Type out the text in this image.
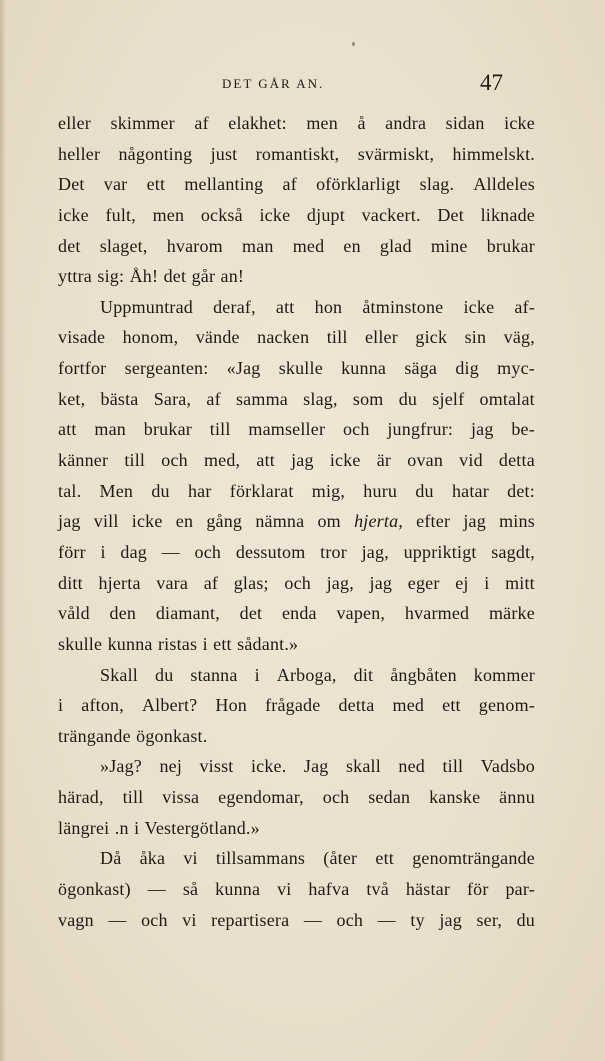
DET GÅR AN.	47
eller skimmer af elakhet: men å andra sidan icke
heller någonting just romantiskt, svärmiskt, himmelskt.
Det var ett mellanting af oförklarligt slag. Alldeles
icke fult, men också icke djupt vackert. Det liknade
det slaget, hvarom man med en glad mine brukar
yttra sig: Åh! det går an!
Uppmuntrad deraf, att hon åtminstone icke af-
visade honom, vände nacken till eller gick sin väg,
fortfor sergeanten: «Jag skulle kunna säga dig myc-
ket, bästa Sara, af samma slag, som du sjelf omtalat
att man brukar till mamseller och jungfrur: jag be-
känner till och med, att jag icke är ovan vid detta
tal. Men du har förklarat mig, huru du hatar det:
jag vill icke en gång nämna om hjerta, efter jag mins
förr i dag — och dessutom tror jag, uppriktigt sagdt,
ditt hjerta vara af glas; och jag, jag eger ej i mitt
våld den diamant, det enda vapen, hvarmed märke
skulle kunna ristas i ett sådant.»
Skall du stanna i Arboga, dit ångbåten kommer
i afton, Albert? Hon frågade detta med ett genom-
trängande ögonkast.
»Jag? nej visst icke. Jag skall ned till Vadsbo
härad, till vissa egendomar, och sedan kanske ännu
längrei .n i Vestergötland.»
Då åka vi tillsammans (åter ett genomträngande
ögonkast) — så kunna vi hafva två hästar för par-
vagn — och vi repartisera — och — ty jag ser, du
